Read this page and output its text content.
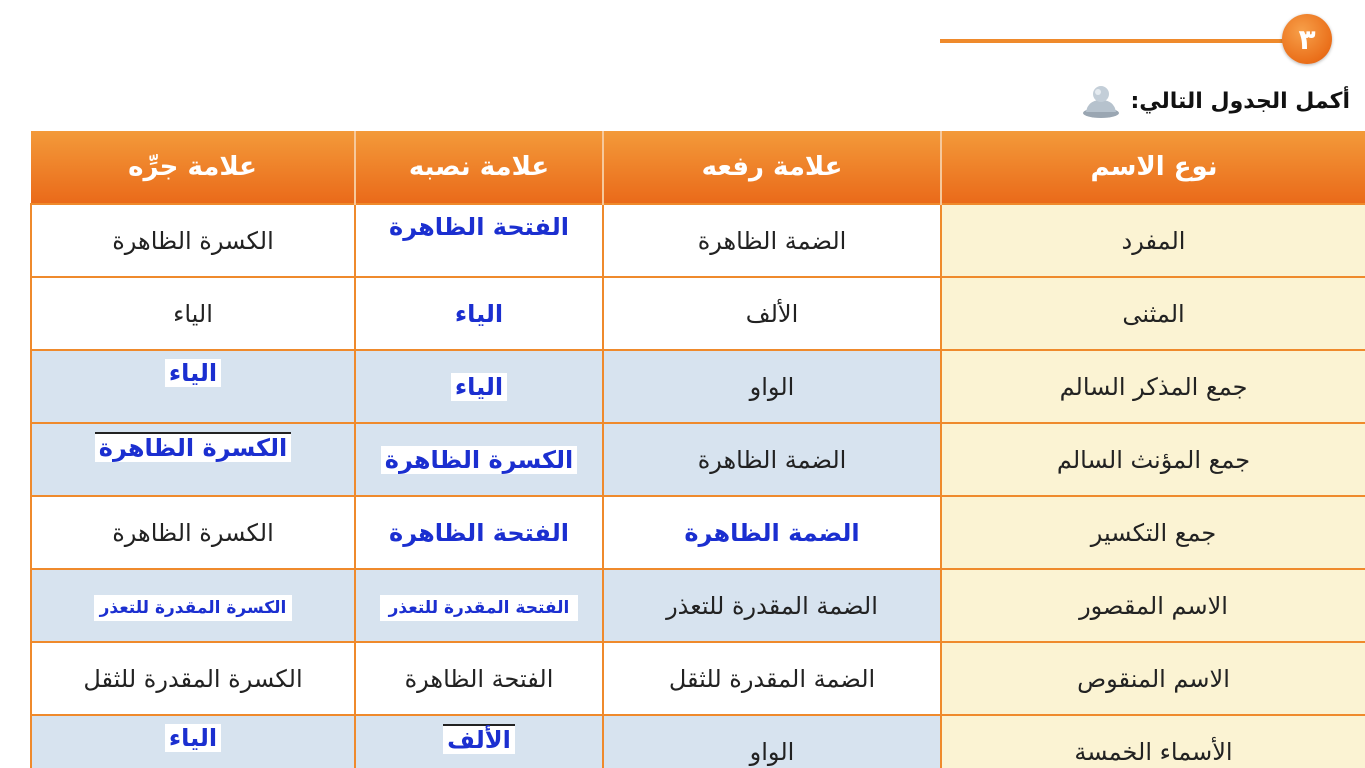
٣
أكمل الجدول التالي:
نوع الاسم	علامة رفعه	علامة نصبه	علامة جرِّه
المفرد	الضمة الظاهرة	الفتحة الظاهرة	الكسرة الظاهرة
المثنى	الألف	الياء	الياء
جمع المذكر السالم	الواو	الياء	الياء
جمع المؤنث السالم	الضمة الظاهرة	الكسرة الظاهرة	الكسرة الظاهرة
جمع التكسير	الضمة الظاهرة	الفتحة الظاهرة	الكسرة الظاهرة
الاسم المقصور	الضمة المقدرة للتعذر	الفتحة المقدرة للتعذر	الكسرة المقدرة للتعذر
الاسم المنقوص	الضمة المقدرة للثقل	الفتحة الظاهرة	الكسرة المقدرة للثقل
الأسماء الخمسة	الواو	الألف	الياء
